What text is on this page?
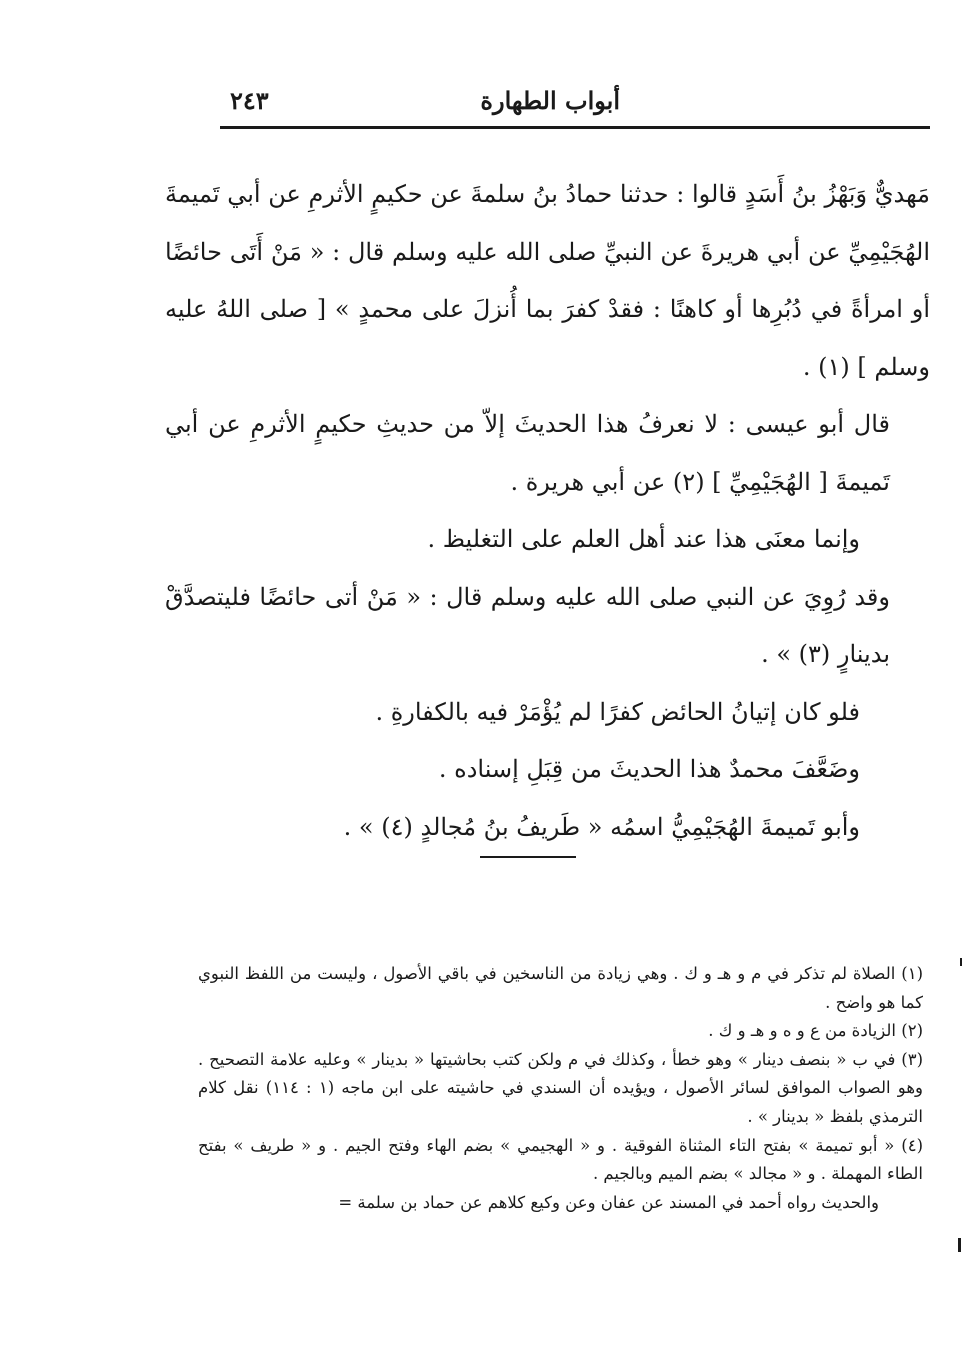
٢٤٣	أبواب الطهارة

مَهديٌّ وَبَهْزُ بنُ أَسَدٍ قالوا : حدثنا حمادُ بنُ سلمةَ عن حكيمٍ الأثرمِ عن أبي تَميمةَ الهُجَيْمِيِّ عن أبي هريرةَ عن النبيِّ صلى الله عليه وسلم قال : « مَنْ أَتَى حائضًا أو امرأةً في دُبُرِها أو كاهنًا : فقدْ كفرَ بما أُنزلَ على محمدٍ » [ صلى اللهُ عليه وسلم ] (١) .

قال أبو عيسى : لا نعرفُ هذا الحديثَ إلاّ من حديثِ حكيمٍ الأثرمِ عن أبي تَميمةَ [ الهُجَيْمِيِّ ] (٢) عن أبي هريرة .

وإنما معنَى هذا عند أهل العلم على التغليظ .

وقد رُوِيَ عن النبي صلى الله عليه وسلم قال : « مَنْ أتى حائضًا فليتصدَّقْ بدينارٍ (٣) » .

فلو كان إتيانُ الحائض كفرًا لم يُؤْمَرْ فيه بالكفارةِ .

وضَعَّفَ محمدٌ هذا الحديثَ من قِبَلِ إسناده .

وأبو تَميمةَ الهُجَيْمِيُّ اسمُه « طَريفُ بنُ مُجالدٍ (٤) » .

(١) الصلاة لم تذكر في م و هـ و ك . وهي زيادة من الناسخين في باقي الأصول ، وليست من اللفظ النبوي كما هو واضح .

(٢) الزيادة من ع و ه و هـ و ك .

(٣) في ب « بنصف دينار » وهو خطأ ، وكذلك في م ولكن كتب بحاشيتها « بدينار » وعليه علامة التصحيح . وهو الصواب الموافق لسائر الأصول ، ويؤيده أن السندي في حاشيته على ابن ماجه (١ : ١١٤) نقل كلام الترمذي بلفظ « بدينار » .

(٤) « أبو تميمة » بفتح التاء المثناة الفوقية . و « الهجيمي » بضم الهاء وفتح الجيم . و « طريف » بفتح الطاء المهملة . و « مجالد » بضم الميم وبالجيم .

والحديث رواه أحمد في المسند عن عفان وعن وكيع كلاهم عن حماد بن سلمة =
